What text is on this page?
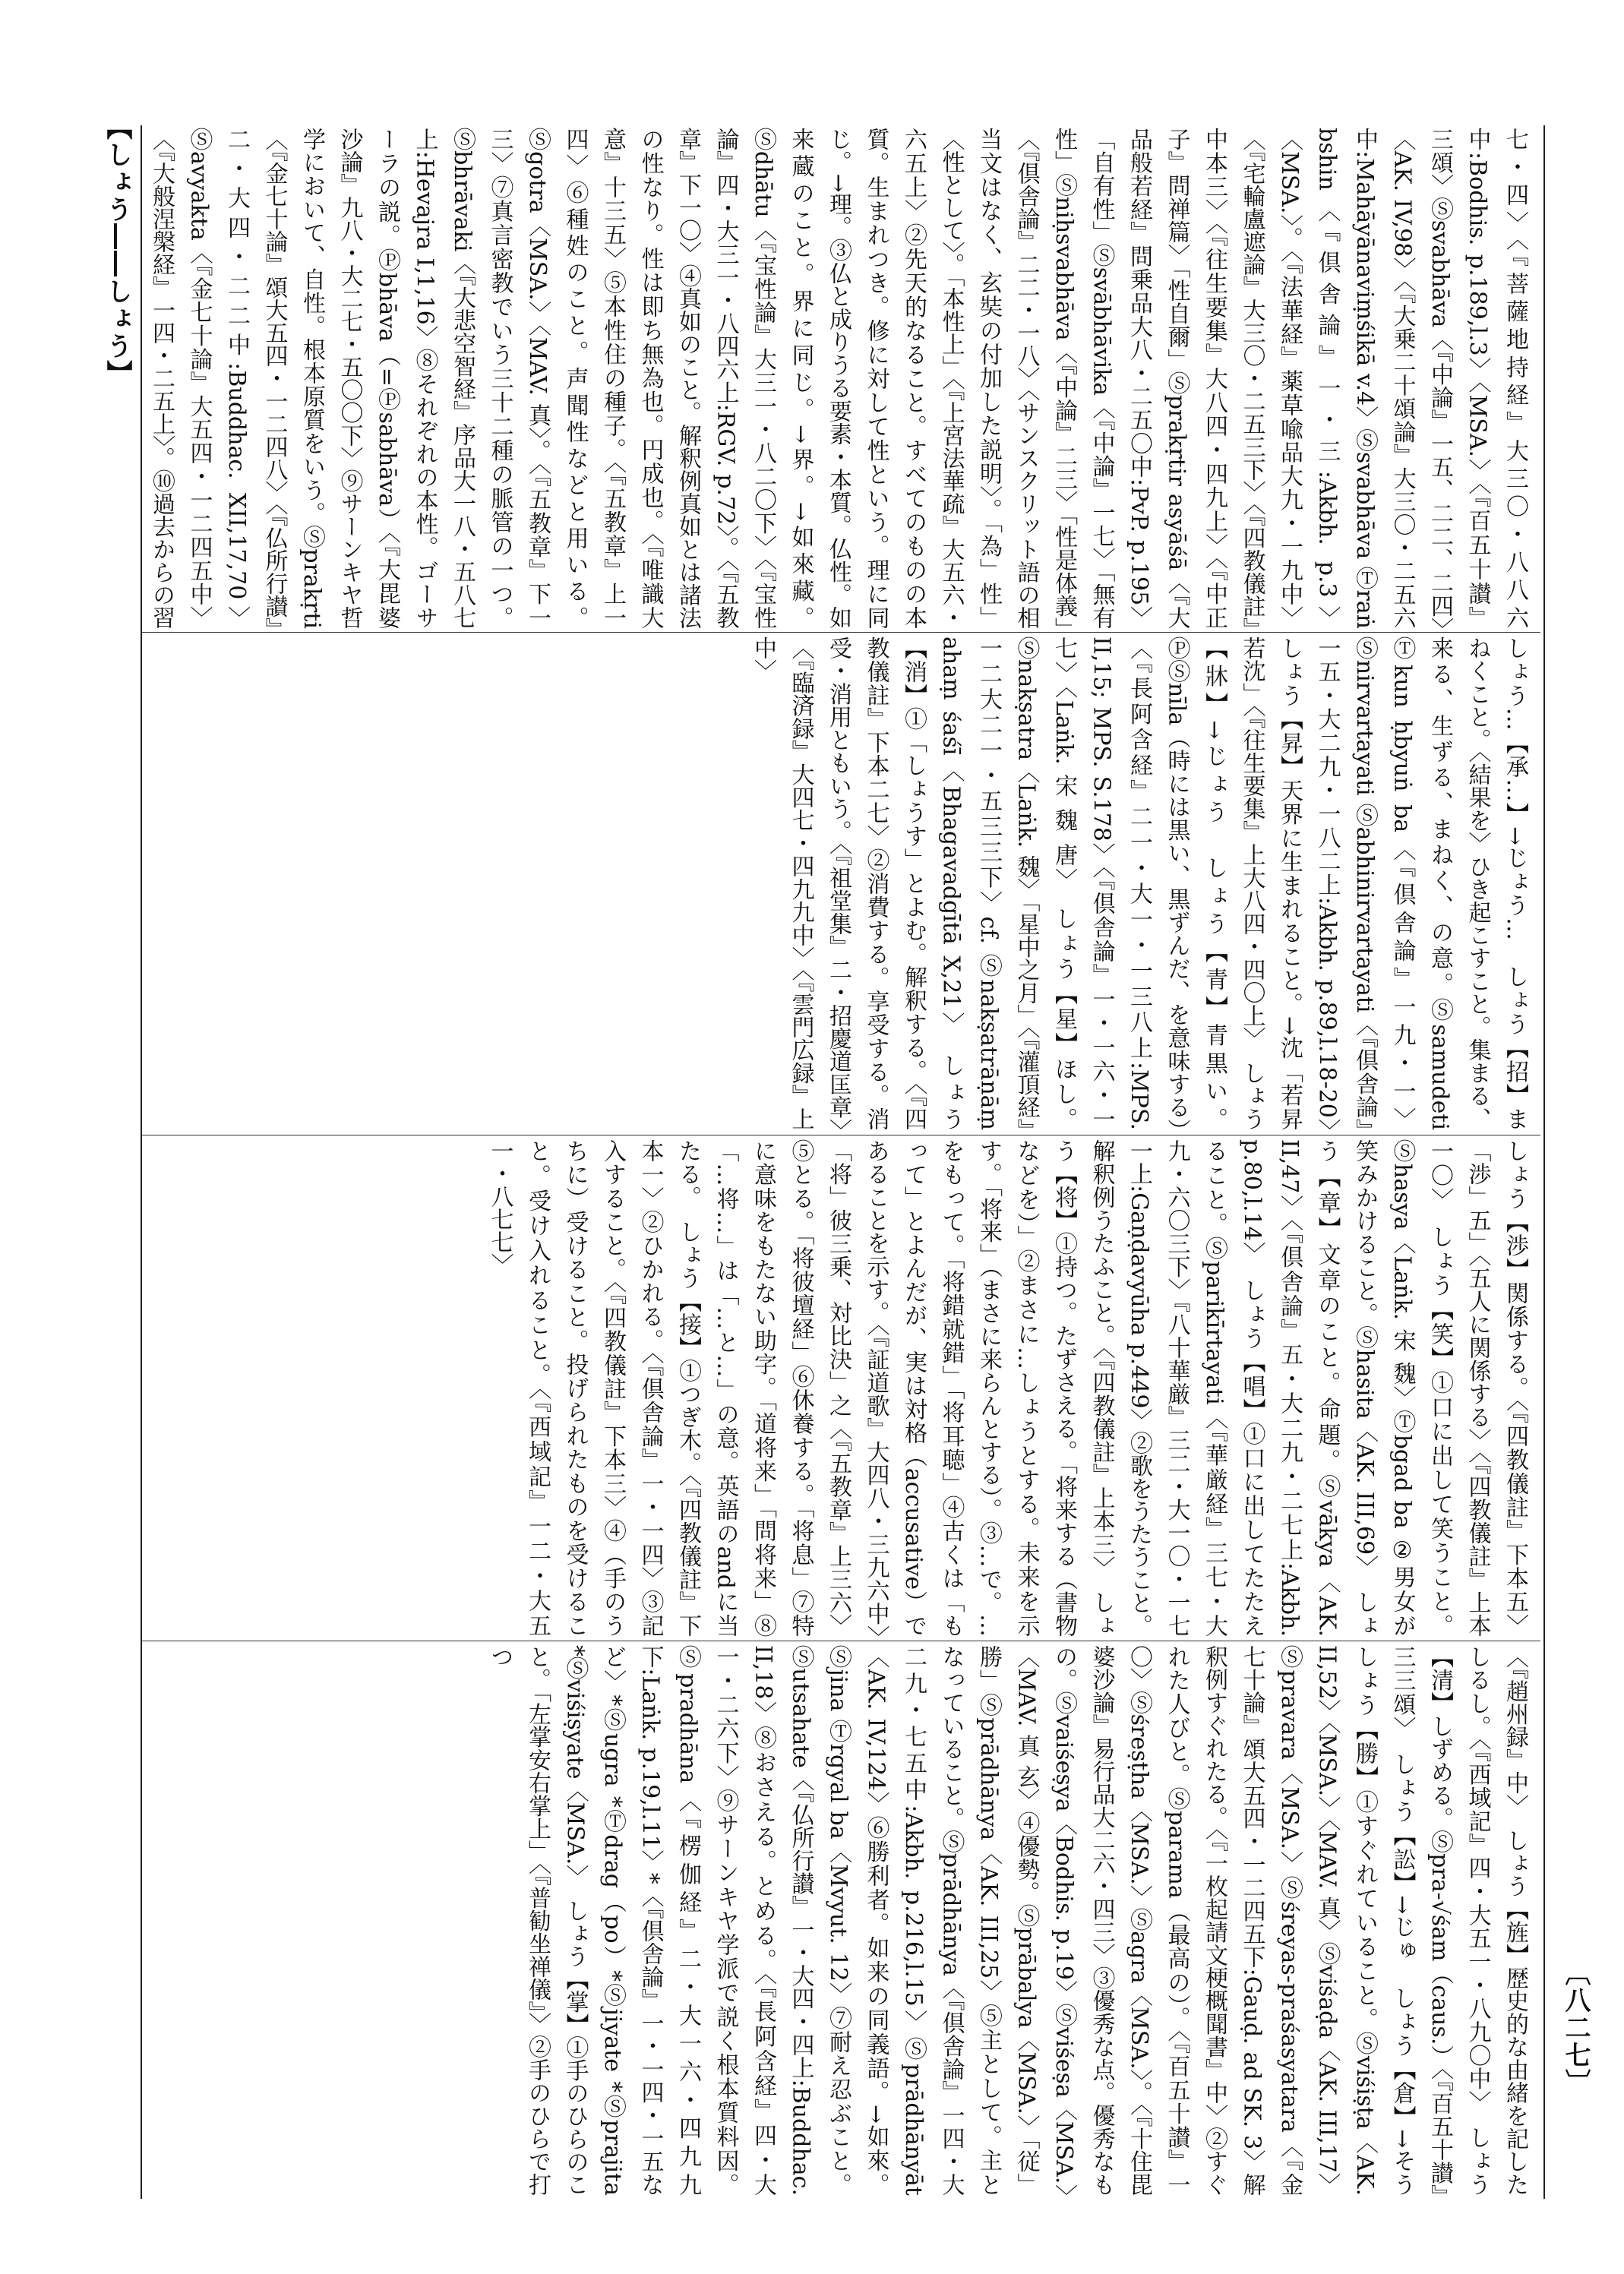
【しょう――しょう】
〔八二七〕
七・四〉〈『菩薩地持経』大三〇・八八六中:Bodhis. p.189,l.3〉〈MSA.〉〈『百五十讃』三頌〉Ⓢsvabhāva〈『中論』一五、二二、二四〉〈AK. IV,98〉〈『大乗二十頌論』大三〇・二五六中:Mahāyānaviṃśikā v.4〉Ⓢsvabhāva Ⓣraṅ bshin〈『倶舎論』一・三:Akbh. p.3〉〈MSA.〉。〈『法華経』薬草喩品大九・一九中〉〈『宅輪盧遮論』大三〇・二五三下〉〈『四教儀註』中本三〉〈『往生要集』大八四・四九上〉〈『中正子』問禅篇〉「性自爾」Ⓢprakṛtir asyāśā〈『大品般若経』問乗品大八・二五〇中:PvP. p.195〉「自有性」Ⓢsvābhāvika〈『中論』一七〉「無有性」Ⓢniḥsvabhāva〈『中論』二三〉「性是体義」〈『倶舎論』二二・一八〉〈サンスクリット語の相当文はなく、玄奘の付加した説明〉。「為」性」〈性として〉。「本性上」〈『上宮法華疏』大五六・六五上〉②先天的なること。すべてのものの本質。生まれつき。修に対して性という。理に同じ。→理。③仏と成りうる要素・本質。仏性。如来蔵のこと。界に同じ。→界。→如來藏。Ⓢdhātu〈『宝性論』大三一・八二〇下〉〈『宝性論』四・大三一・八四六上:RGV. p.72〉。〈『五教章』下一〇〉④真如のこと。解釈例真如とは諸法の性なり。性は即ち無為也。円成也。〈『唯識大意』十三五〉⑤本性住の種子。〈『五教章』上一四〉⑥種姓のこと。声聞性などと用いる。Ⓢgotra〈MSA.〉〈MAV. 真〉。〈『五教章』下一三〉⑦真言密教でいう三十二種の脈管の一つ。Ⓢbhrāvaki〈『大悲空智経』序品大一八・五八七上:Hevajra I,1,16〉⑧それぞれの本性。ゴーサーラの説。Ⓟbhāva（=Ⓟsabhāva）〈『大毘婆沙論』九八・大二七・五〇〇下〉⑨サーンキヤ哲学において、自性。根本原質をいう。Ⓢprakṛti〈『金七十論』頌大五四・一二四八〉〈『仏所行讃』二・大四・二二中:Buddhac. XII,17,70〉Ⓢavyakta〈『金七十論』大五四・一二四五中〉〈『大般涅槃経』一四・二五上〉。⑩過去からの習
しょう…【承…】→じょう…　しょう【招】まねくこと。〈結果を〉ひき起こすこと。集まる、来る、生ずる、まねく、の意。Ⓢsamudeti Ⓣkun ḥbyuṅ ba〈『倶舎論』一九・一〉Ⓢnirvartayati Ⓢabhinirvartayati〈『倶舎論』一五・大二九・一八二上:Akbh. p.89,l.18-20〉　しょう【昇】天界に生まれること。→沈「若昇若沈」〈『往生要集』上大八四・四〇上〉　しょう【牀】→じょう　しょう【青】青黒い。ⓅⓈnīla（時には黒い、黒ずんだ、を意味する）〈『長阿含経』二一・大一・一三八上:MPS. II,15; MPS. S.178〉〈『倶舎論』一・一六・一七〉〈Laṅk. 宋 魏 唐〉　しょう【星】ほし。Ⓢnakṣatra〈Laṅk. 魏〉「星中之月」〈『灌頂経』一二大二一・五三三下〉cf. Ⓢnakṣatrāṇāṃ ahaṃ śaśī〈Bhagavadgītā X,21〉　しょう【消】①「しょうす」とよむ。解釈する。〈『四教儀註』下本二七〉②消費する。享受する。消受・消用ともいう。〈『祖堂集』二・招慶道匡章〉〈『臨済録』大四七・四九九中〉〈『雲門広録』上中〉
しょう【渉】関係する。〈『四教儀註』下本五〉「渉」五」〈五人に関係する〉〈『四教儀註』上本一〇〉　しょう【笑】①口に出して笑うこと。Ⓢhasya〈Laṅk. 宋 魏〉Ⓣbgad ba ②男女が笑みかけること。Ⓢhasita〈AK. III,69〉　しょう【章】文章のこと。命題。Ⓢvākya〈AK. II,47〉〈『倶舎論』五・大二九・二七上:Akbh. p.80,l.14〉　しょう【唱】①口に出してたたえること。Ⓢparikīrtayati〈『華厳経』三七・大九・六〇三下〉『八十華厳』三二・大一〇・一七一上:Gaṇḍavyūha p.449〉②歌をうたうこと。解釈例うたふこと。〈『四教儀註』上本三〉　しょう【将】①持つ。たずさえる。「将来する（書物などを）」②まさに…しょうとする。未来を示す。「将来」（まさに来らんとする）。③…で。…をもって。「将錯就錯」「将耳聴」④古くは「もって」とよんだが、実は対格（accusative）であることを示す。〈『証道歌』大四八・三九六中〉「将」彼三乗、対比決」之〈『五教章』上三六〉⑤とる。「将彼壇経」⑥休養する。「将息」⑦特に意味をもたない助字。「道将来」「問将来」⑧「…将…」は「…と…」の意。英語のandに当たる。　しょう【接】①つぎ木。〈『四教儀註』下本一〉②ひかれる。〈『倶舎論』一・一四〉③記入すること。〈『四教儀註』下本三〉④（手のうちに）受けること。投げられたものを受けること。受け入れること。〈『西域記』一二・大五一・八七七〉
〈『趙州録』中〉　しょう【旌】歴史的な由緒を記したしるし。〈『西域記』四・大五一・八九〇中〉　しょう【清】しずめる。Ⓢpra-√śam（caus.）〈『百五十讃』三三頌〉　しょう【訟】→じゅ　しょう【倉】→そう　しょう【勝】①すぐれていること。Ⓢviśiṣṭa〈AK. II,52〉〈MSA.〉〈MAV. 真〉Ⓢviśaḍa〈AK. III,17〉Ⓢpravara〈MSA.〉Ⓢśreyas-praśasyatara〈『金七十論』頌大五四・一二四五下:Gauḍ. ad SK. 3〉解釈例すぐれたる。〈『一枚起請文梗概聞書』中〉②すぐれた人びと。Ⓢparama（最高の）。〈『百五十讃』一〇〉Ⓢśreṣṭha〈MSA.〉Ⓢagra〈MSA.〉。〈『十住毘婆沙論』易行品大二六・四三〉③優秀な点。優秀なもの。Ⓢvaiśeṣya〈Bodhis. p.19〉Ⓢviśeṣa〈MSA.〉〈MAV. 真 玄〉④優勢。Ⓢprābalya〈MSA.〉「従」勝」Ⓢprādhānya〈AK. III,25〉⑤主として。主となっていること。Ⓢprādhānya〈『倶舎論』一四・大二九・七五中:Akbh. p.216,l.15〉Ⓢprādhānyāt〈AK. IV,124〉⑥勝利者。如来の同義語。→如來。Ⓢjina Ⓣrgyal ba〈Mvyut. 12〉⑦耐え忍ぶこと。Ⓢutsahate〈『仏所行讃』一・大四・四上:Buddhac. II,18〉⑧おさえる。とめる。〈『長阿含経』四・大一・二六下〉⑨サーンキヤ学派で説く根本質料因。Ⓢpradhāna〈『楞伽経』二・大一六・四九九下:Laṅk. p.19,l.11〉*〈『倶舎論』一・一四・一五など〉*Ⓢugra *Ⓣdrag（po）*Ⓢjiyate *Ⓢprajita *Ⓢviśiṣyate〈MSA.〉　しょう【掌】①手のひらのこと。「左掌安右掌上」〈『普勧坐禅儀』〉②手のひらで打つ
